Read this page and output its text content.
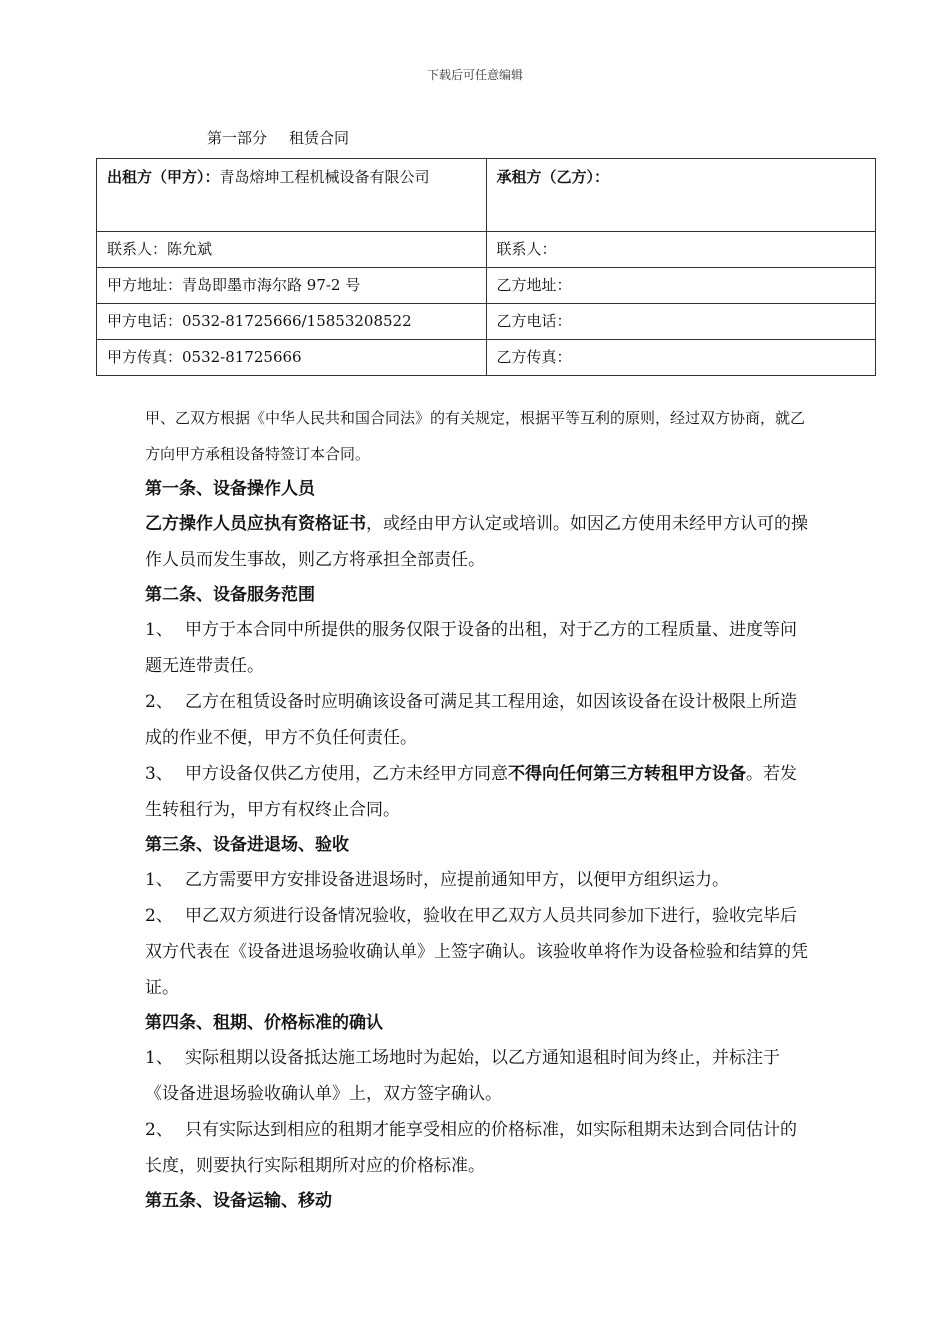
下载后可任意编辑
第一部分 租赁合同
出租方（甲方）：青岛熔坤工程机械设备有限公司	承租方（乙方）：
联系人：陈允斌	联系人：
甲方地址：青岛即墨市海尔路 97-2 号	乙方地址：
甲方电话：0532-81725666/15853208522	乙方电话：
甲方传真：0532-81725666	乙方传真：

甲、乙双方根据《中华人民共和国合同法》的有关规定，根据平等互利的原则，经过双方协商，就乙方向甲方承租设备特签订本合同。

第一条、设备操作人员

乙方操作人员应执有资格证书，或经由甲方认定或培训。如因乙方使用未经甲方认可的操作人员而发生事故，则乙方将承担全部责任。

第二条、设备服务范围

1、 甲方于本合同中所提供的服务仅限于设备的出租，对于乙方的工程质量、进度等问题无连带责任。

2、 乙方在租赁设备时应明确该设备可满足其工程用途，如因该设备在设计极限上所造成的作业不便，甲方不负任何责任。

3、 甲方设备仅供乙方使用，乙方未经甲方同意不得向任何第三方转租甲方设备。若发生转租行为，甲方有权终止合同。

第三条、设备进退场、验收

1、 乙方需要甲方安排设备进退场时，应提前通知甲方，以便甲方组织运力。

2、 甲乙双方须进行设备情况验收，验收在甲乙双方人员共同参加下进行，验收完毕后双方代表在《设备进退场验收确认单》上签字确认。该验收单将作为设备检验和结算的凭证。

第四条、租期、价格标准的确认

1、 实际租期以设备抵达施工场地时为起始，以乙方通知退租时间为终止，并标注于《设备进退场验收确认单》上，双方签字确认。

2、 只有实际达到相应的租期才能享受相应的价格标准，如实际租期未达到合同估计的长度，则要执行实际租期所对应的价格标准。

第五条、设备运输、移动
